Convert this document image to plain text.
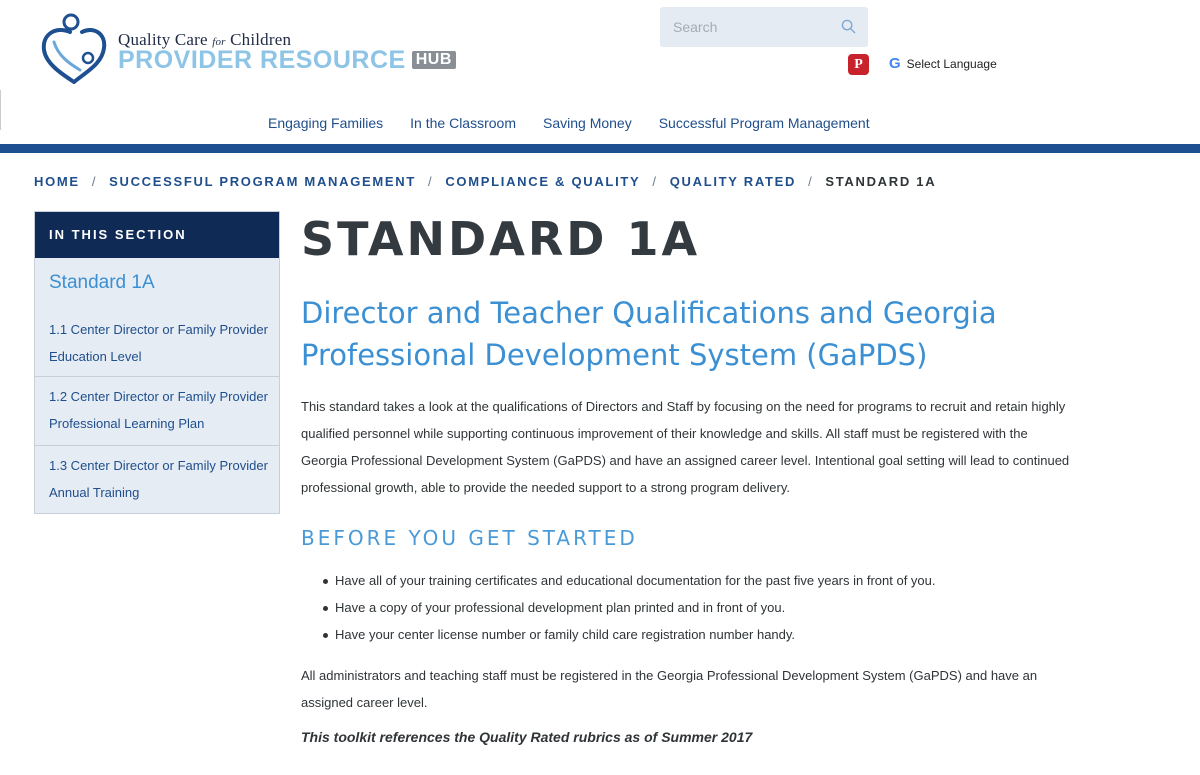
Quality Care for Children
PROVIDER RESOURCE HUB
Search	P	G Select Language
Engaging Families In the Classroom Saving Money Successful Program Management
HOME / SUCCESSFUL PROGRAM MANAGEMENT / COMPLIANCE & QUALITY / QUALITY RATED / STANDARD 1A
IN THIS SECTION
Standard 1A
1.1 Center Director or Family Provider Education Level
1.2 Center Director or Family Provider Professional Learning Plan
1.3 Center Director or Family Provider Annual Training
STANDARD 1A
Director and Teacher Qualifications and Georgia Professional Development System (GaPDS)

This standard takes a look at the qualifications of Directors and Staff by focusing on the need for programs to recruit and retain highly qualified personnel while supporting continuous improvement of their knowledge and skills. All staff must be registered with the Georgia Professional Development System (GaPDS) and have an assigned career level. Intentional goal setting will lead to continued professional growth, able to provide the needed support to a strong program delivery.

BEFORE YOU GET STARTED
Have all of your training certificates and educational documentation for the past five years in front of you.
Have a copy of your professional development plan printed and in front of you.
Have your center license number or family child care registration number handy.

All administrators and teaching staff must be registered in the Georgia Professional Development System (GaPDS) and have an assigned career level.

This toolkit references the Quality Rated rubrics as of Summer 2017
